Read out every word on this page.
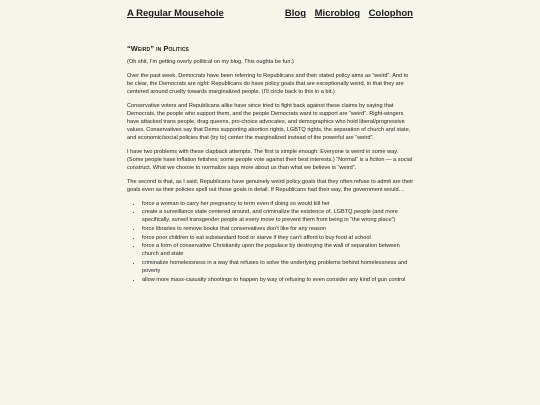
A Regular Mousehole	Blog Microblog Colophon
“Weird” in Politics

(Oh shit, I’m getting overly political on my blog. This oughta be fun.)

Over the past week, Democrats have been referring to Republicans and their stated policy aims as “weird”. And to be clear, the Democrats are right: Republicans do have policy goals that are exceptionally weird, in that they are centered around cruelty towards marginalized people. (I’ll circle back to this in a bit.)

Conservative voters and Republicans alike have since tried to fight back against these claims by saying that Democrats, the people who support them, and the people Democrats want to support are “weird”. Right-wingers have attacked trans people, drag queens, pro-choice advocates, and demographics who hold liberal/progressive values. Conservatives say that Dems supporting abortion rights, LGBTQ rights, the separation of church and state, and economic/social policies that (try to) center the marginalized instead of the powerful are “weird”.

I have two problems with these clapback attempts. The first is simple enough: Everyone is weird in some way. (Some people have inflation fetishes; some people vote against their best interests.) “Normal” is a fiction — a social construct. What we choose to normalize says more about us than what we believe is “weird”.

The second is that, as I said, Republicans have genuinely weird policy goals that they often refuse to admit are their goals even as their policies spell out those goals in detail. If Republicans had their way, the government would…

• force a woman to carry her pregnancy to term even if doing so would kill her
• create a surveillance state centered around, and criminalize the existence of, LGBTQ people (and more specifically, surveil transgender people at every move to prevent them from being in “the wrong place”)
• force libraries to remove books that conservatives don’t like for any reason
• force poor children to eat substandard food or starve if they can’t afford to buy food at school
• force a form of conservative Christianity upon the populace by destroying the wall of separation between church and state
• criminalize homelessness in a way that refuses to solve the underlying problems behind homelessness and poverty
• allow more mass-casualty shootings to happen by way of refusing to even consider any kind of gun control
